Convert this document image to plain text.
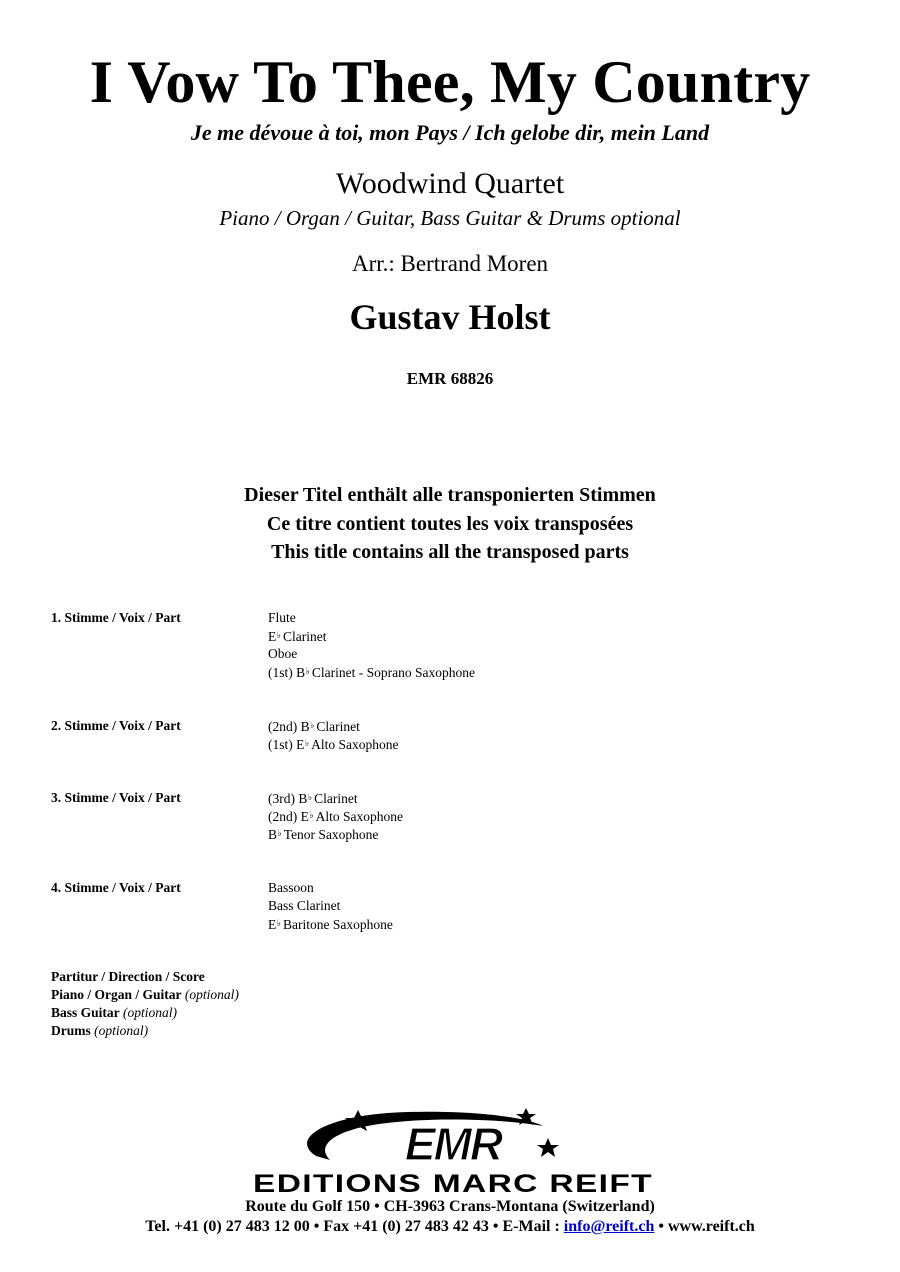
I Vow To Thee, My Country
Je me dévoue à toi, mon Pays / Ich gelobe dir, mein Land
Woodwind Quartet
Piano / Organ / Guitar, Bass Guitar & Drums optional
Arr.: Bertrand Moren
Gustav Holst
EMR 68826
Dieser Titel enthält alle transponierten Stimmen
Ce titre contient toutes les voix transposées
This title contains all the transposed parts
1. Stimme / Voix / Part	Flute
E♭ Clarinet
Oboe
(1st) B♭ Clarinet - Soprano Saxophone
2. Stimme / Voix / Part	(2nd) B♭ Clarinet
(1st) E♭ Alto Saxophone
3. Stimme / Voix / Part	(3rd) B♭ Clarinet
(2nd) E♭ Alto Saxophone
B♭ Tenor Saxophone
4. Stimme / Voix / Part	Bassoon
Bass Clarinet
E♭ Baritone Saxophone
Partitur / Direction / Score
Piano / Organ / Guitar (optional)
Bass Guitar (optional)
Drums (optional)
EMR
EDITIONS MARC REIFT
Route du Golf 150 • CH-3963 Crans-Montana (Switzerland)
Tel. +41 (0) 27 483 12 00 • Fax +41 (0) 27 483 42 43 • E-Mail : info@reift.ch • www.reift.ch
